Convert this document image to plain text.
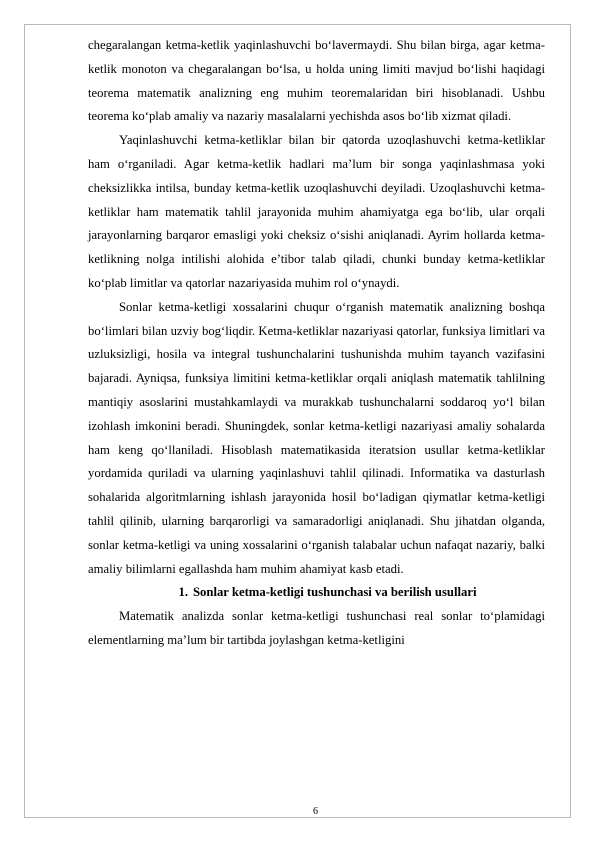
chegaralangan ketma-ketlik yaqinlashuvchi bo‘lavermaydi. Shu bilan birga, agar ketma-ketlik monoton va chegaralangan bo‘lsa, u holda uning limiti mavjud bo‘lishi haqidagi teorema matematik analizning eng muhim teoremalaridan biri hisoblanadi. Ushbu teorema ko‘plab amaliy va nazariy masalalarni yechishda asos bo‘lib xizmat qiladi.

Yaqinlashuvchi ketma-ketliklar bilan bir qatorda uzoqlashuvchi ketma-ketliklar ham o‘rganiladi. Agar ketma-ketlik hadlari ma’lum bir songa yaqinlashmasa yoki cheksizlikka intilsa, bunday ketma-ketlik uzoqlashuvchi deyiladi. Uzoqlashuvchi ketma-ketliklar ham matematik tahlil jarayonida muhim ahamiyatga ega bo‘lib, ular orqali jarayonlarning barqaror emasligi yoki cheksiz o‘sishi aniqlanadi. Ayrim hollarda ketma-ketlikning nolga intilishi alohida e’tibor talab qiladi, chunki bunday ketma-ketliklar ko‘plab limitlar va qatorlar nazariyasida muhim rol o‘ynaydi.

Sonlar ketma-ketligi xossalarini chuqur o‘rganish matematik analizning boshqa bo‘limlari bilan uzviy bog‘liqdir. Ketma-ketliklar nazariyasi qatorlar, funksiya limitlari va uzluksizligi, hosila va integral tushunchalarini tushunishda muhim tayanch vazifasini bajaradi. Ayniqsa, funksiya limitini ketma-ketliklar orqali aniqlash matematik tahlilning mantiqiy asoslarini mustahkamlaydi va murakkab tushunchalarni soddaroq yo‘l bilan izohlash imkonini beradi. Shuningdek, sonlar ketma-ketligi nazariyasi amaliy sohalarda ham keng qo‘llaniladi. Hisoblash matematikasida iteratsion usullar ketma-ketliklar yordamida quriladi va ularning yaqinlashuvi tahlil qilinadi. Informatika va dasturlash sohalarida algoritmlarning ishlash jarayonida hosil bo‘ladigan qiymatlar ketma-ketligi tahlil qilinib, ularning barqarorligi va samaradorligi aniqlanadi. Shu jihatdan olganda, sonlar ketma-ketligi va uning xossalarini o‘rganish talabalar uchun nafaqat nazariy, balki amaliy bilimlarni egallashda ham muhim ahamiyat kasb etadi.

1. Sonlar ketma-ketligi tushunchasi va berilish usullari

Matematik analizda sonlar ketma-ketligi tushunchasi real sonlar to‘plamidagi elementlarning ma’lum bir tartibda joylashgan ketma-ketligini

6
